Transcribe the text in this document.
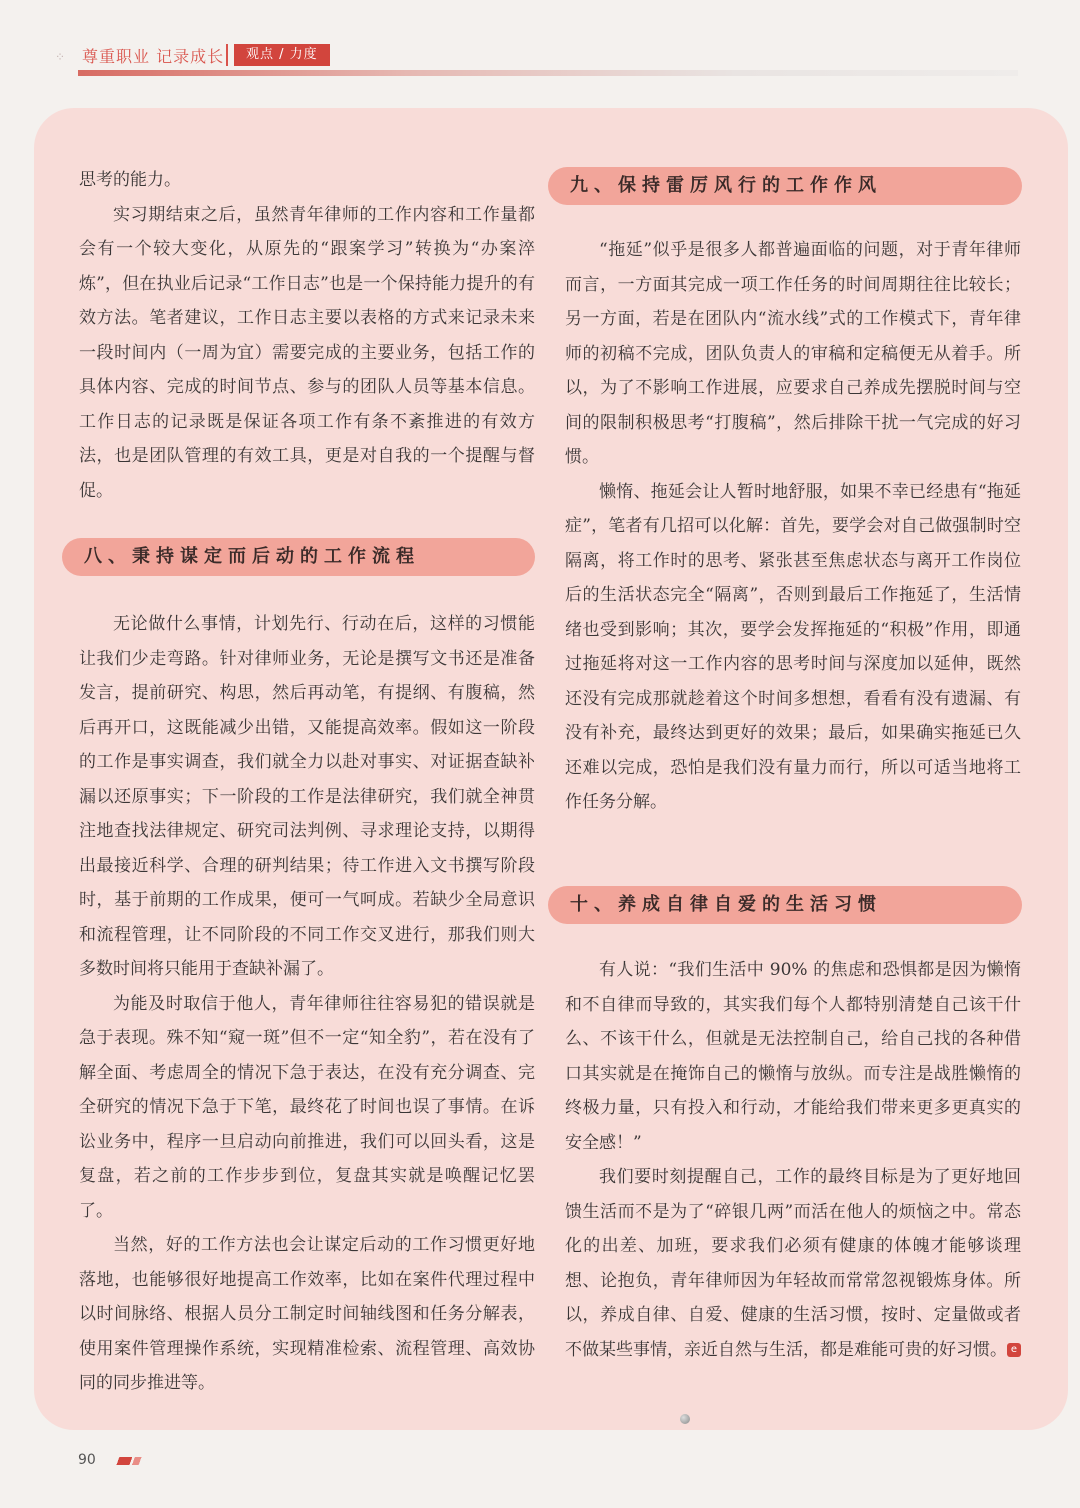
⁘	尊重职业 记录成长	观点 / 力度

思考的能力。

实习期结束之后，虽然青年律师的工作内容和工作量都会有一个较大变化，从原先的“跟案学习”转换为“办案淬炼”，但在执业后记录“工作日志”也是一个保持能力提升的有效方法。笔者建议，工作日志主要以表格的方式来记录未来一段时间内（一周为宜）需要完成的主要业务，包括工作的具体内容、完成的时间节点、参与的团队人员等基本信息。工作日志的记录既是保证各项工作有条不紊推进的有效方法，也是团队管理的有效工具，更是对自我的一个提醒与督促。

八、秉持谋定而后动的工作流程

无论做什么事情，计划先行、行动在后，这样的习惯能让我们少走弯路。针对律师业务，无论是撰写文书还是准备发言，提前研究、构思，然后再动笔，有提纲、有腹稿，然后再开口，这既能减少出错，又能提高效率。假如这一阶段的工作是事实调查，我们就全力以赴对事实、对证据查缺补漏以还原事实；下一阶段的工作是法律研究，我们就全神贯注地查找法律规定、研究司法判例、寻求理论支持，以期得出最接近科学、合理的研判结果；待工作进入文书撰写阶段时，基于前期的工作成果，便可一气呵成。若缺少全局意识和流程管理，让不同阶段的不同工作交叉进行，那我们则大多数时间将只能用于查缺补漏了。

为能及时取信于他人，青年律师往往容易犯的错误就是急于表现。殊不知“窥一斑”但不一定“知全豹”，若在没有了解全面、考虑周全的情况下急于表达，在没有充分调查、完全研究的情况下急于下笔，最终花了时间也误了事情。在诉讼业务中，程序一旦启动向前推进，我们可以回头看，这是复盘，若之前的工作步步到位，复盘其实就是唤醒记忆罢了。

当然，好的工作方法也会让谋定后动的工作习惯更好地落地，也能够很好地提高工作效率，比如在案件代理过程中以时间脉络、根据人员分工制定时间轴线图和任务分解表，使用案件管理操作系统，实现精准检索、流程管理、高效协同的同步推进等。

九、保持雷厉风行的工作作风

“拖延”似乎是很多人都普遍面临的问题，对于青年律师而言，一方面其完成一项工作任务的时间周期往往比较长；另一方面，若是在团队内“流水线”式的工作模式下，青年律师的初稿不完成，团队负责人的审稿和定稿便无从着手。所以，为了不影响工作进展，应要求自己养成先摆脱时间与空间的限制积极思考“打腹稿”，然后排除干扰一气完成的好习惯。

懒惰、拖延会让人暂时地舒服，如果不幸已经患有“拖延症”，笔者有几招可以化解：首先，要学会对自己做强制时空隔离，将工作时的思考、紧张甚至焦虑状态与离开工作岗位后的生活状态完全“隔离”，否则到最后工作拖延了，生活情绪也受到影响；其次，要学会发挥拖延的“积极”作用，即通过拖延将对这一工作内容的思考时间与深度加以延伸，既然还没有完成那就趁着这个时间多想想，看看有没有遗漏、有没有补充，最终达到更好的效果；最后，如果确实拖延已久还难以完成，恐怕是我们没有量力而行，所以可适当地将工作任务分解。

十、养成自律自爱的生活习惯

有人说：“我们生活中 90% 的焦虑和恐惧都是因为懒惰和不自律而导致的，其实我们每个人都特别清楚自己该干什么、不该干什么，但就是无法控制自己，给自己找的各种借口其实就是在掩饰自己的懒惰与放纵。而专注是战胜懒惰的终极力量，只有投入和行动，才能给我们带来更多更真实的安全感！”

我们要时刻提醒自己，工作的最终目标是为了更好地回馈生活而不是为了“碎银几两”而活在他人的烦恼之中。常态化的出差、加班，要求我们必须有健康的体魄才能够谈理想、论抱负，青年律师因为年轻故而常常忽视锻炼身体。所以，养成自律、自爱、健康的生活习惯，按时、定量做或者不做某些事情，亲近自然与生活，都是难能可贵的好习惯。 e

90
